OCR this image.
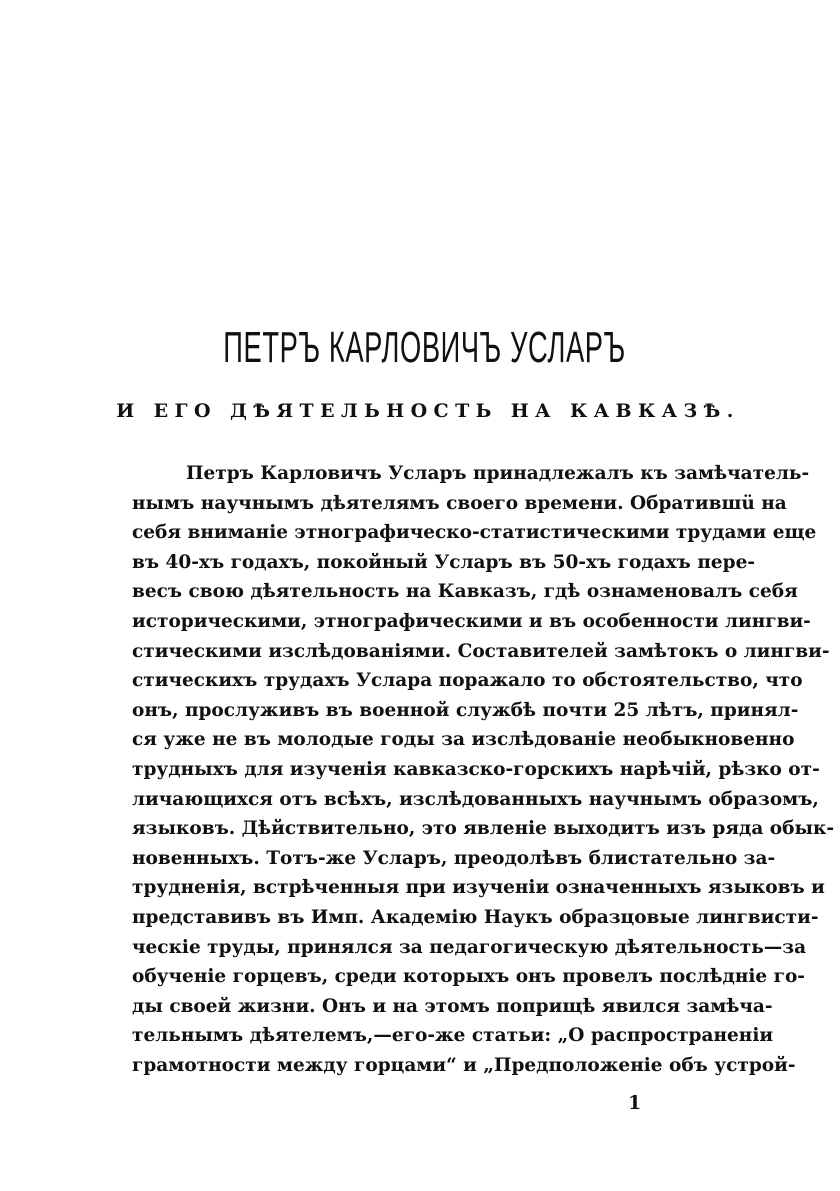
ПЕТРЪ КАРЛОВИЧЪ УСЛАРЪ
И ЕГО ДѢЯТЕЛЬНОСТЬ НА КАВКАЗѢ.
Петръ Карловичъ Усларъ принадлежалъ къ замѣчатель-
нымъ научнымъ дѣятелямъ своего времени. Обратившü на
себя вниманіе этнографическо-статистическими трудами еще
въ 40-хъ годахъ, покойный Усларъ въ 50-хъ годахъ пере-
весъ свою дѣятельность на Кавказъ, гдѣ ознаменовалъ себя
историческими, этнографическими и въ особенности лингви-
стическими изслѣдованіями. Составителей замѣтокъ о лингви-
стическихъ трудахъ Услара поражало то обстоятельство, что
онъ, прослуживъ въ военной службѣ почти 25 лѣтъ, принял-
ся уже не въ молодые годы за изслѣдованіе необыкновенно
трудныхъ для изученія кавказско-горскихъ нарѣчій, рѣзко от-
личающихся отъ всѣхъ, изслѣдованныхъ научнымъ образомъ,
языковъ. Дѣйствительно, это явленіе выходитъ изъ ряда обык-
новенныхъ. Тотъ-же Усларъ, преодолѣвъ блистательно за-
трудненія, встрѣченныя при изученіи означенныхъ языковъ и
представивъ въ Имп. Академію Наукъ образцовые лингвисти-
ческіе труды, принялся за педагогическую дѣятельность—за
обученіе горцевъ, среди которыхъ онъ провелъ послѣдніе го-
ды своей жизни. Онъ и на этомъ поприщѣ явился замѣча-
тельнымъ дѣятелемъ,—его-же статьи: „О распространеніи
грамотности между горцами“ и „Предположеніе объ устрой-
1
